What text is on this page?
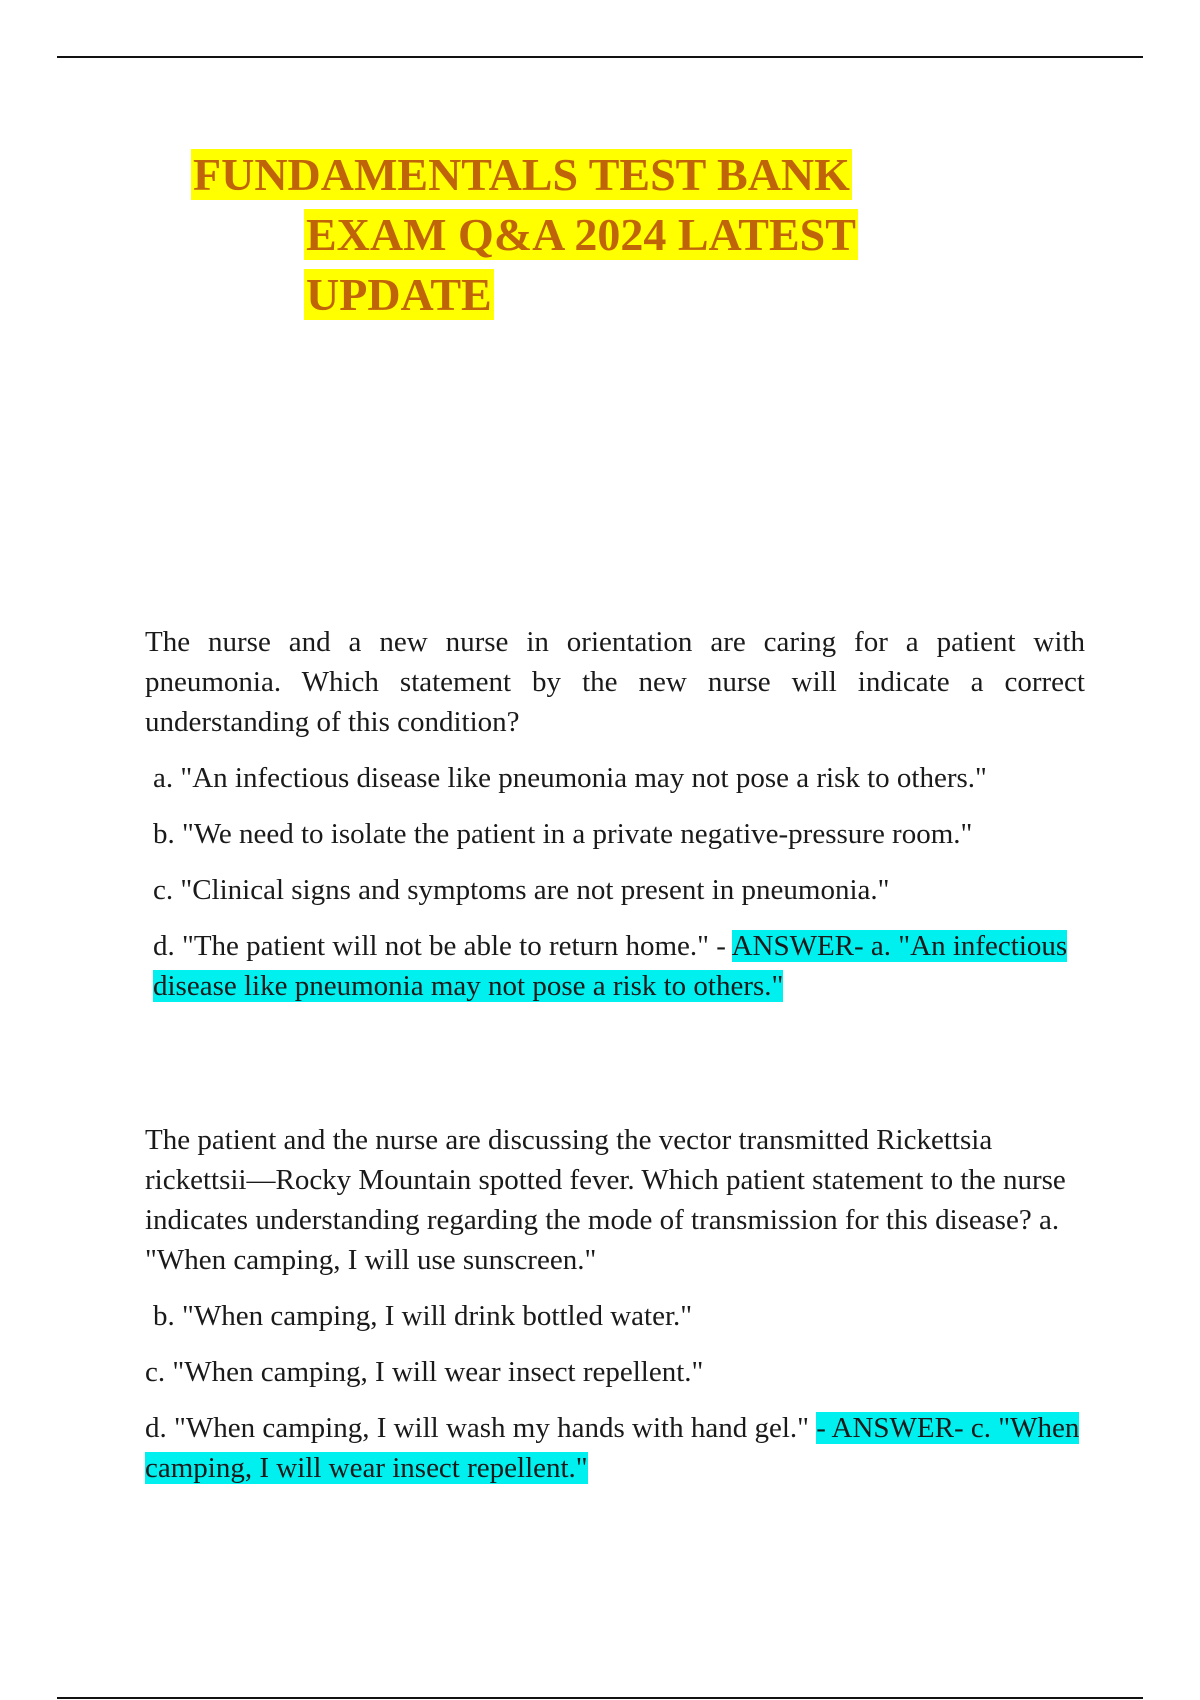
FUNDAMENTALS TEST BANK
EXAM Q&A 2024 LATEST
UPDATE

The nurse and a new nurse in orientation are caring for a patient with pneumonia. Which statement by the new nurse will indicate a correct understanding of this condition?

a. "An infectious disease like pneumonia may not pose a risk to others."

b. "We need to isolate the patient in a private negative-pressure room."

c. "Clinical signs and symptoms are not present in pneumonia."

d. "The patient will not be able to return home." - ANSWER- a. "An infectious disease like pneumonia may not pose a risk to others."

The patient and the nurse are discussing the vector transmitted Rickettsia rickettsii—Rocky Mountain spotted fever. Which patient statement to the nurse indicates understanding regarding the mode of transmission for this disease? a. "When camping, I will use sunscreen."

b. "When camping, I will drink bottled water."

c. "When camping, I will wear insect repellent."

d. "When camping, I will wash my hands with hand gel." - ANSWER- c. "When camping, I will wear insect repellent."
